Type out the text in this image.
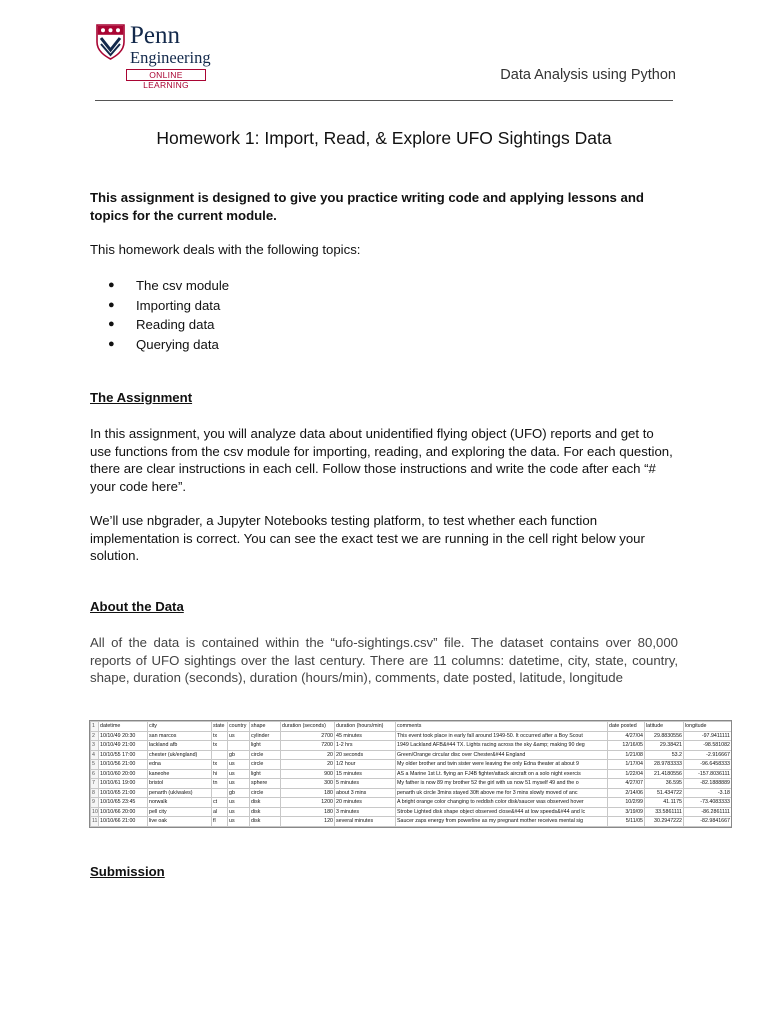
Penn
Engineering
ONLINE LEARNING
Data Analysis using Python
Homework 1: Import, Read, & Explore UFO Sightings Data
This assignment is designed to give you practice writing code and applying lessons and topics for the current module.
This homework deals with the following topics:
● The csv module
● Importing data
● Reading data
● Querying data
The Assignment
In this assignment, you will analyze data about unidentified flying object (UFO) reports and get to use functions from the csv module for importing, reading, and exploring the data. For each question, there are clear instructions in each cell. Follow those instructions and write the code after each “# your code here”.
We’ll use nbgrader, a Jupyter Notebooks testing platform, to test whether each function implementation is correct. You can see the exact test we are running in the cell right below your solution.
About the Data
All of the data is contained within the “ufo-sightings.csv” file. The dataset contains over 80,000 reports of UFO sightings over the last century. There are 11 columns: datetime, city, state, country, shape, duration (seconds), duration (hours/min), comments, date posted, latitude, longitude
1	datetime	city	state	country	shape	duration (seconds)	duration (hours/min)	comments	date posted	latitude	longitude
2	10/10/49 20:30	san marcos	tx	us	cylinder	2700	45 minutes	This event took place in early fall around 1949-50. It occurred after a Boy Scout	4/27/04	29.8830556	-97.9411111
3	10/10/49 21:00	lackland afb	tx		light	7200	1-2 hrs	1949 Lackland AFB&#44 TX. Lights racing across the sky &amp; making 90 deg	12/16/05	29.38421	-98.581082
4	10/10/55 17:00	chester (uk/england)		gb	circle	20	20 seconds	Green/Orange circular disc over Chester&#44 England	1/21/08	53.2	-2.916667
5	10/10/56 21:00	edna	tx	us	circle	20	1/2 hour	My older brother and twin sister were leaving the only Edna theater at about 9	1/17/04	28.9783333	-96.6458333
6	10/10/60 20:00	kaneohe	hi	us	light	900	15 minutes	AS a Marine 1st Lt. flying an FJ4B fighter/attack aircraft on a solo night exercis	1/22/04	21.4180556	-157.8036111
7	10/10/61 19:00	bristol	tn	us	sphere	300	5 minutes	My father is now 89 my brother 52 the girl with us now 51 myself 49 and the o	4/27/07	36.595	-82.1888889
8	10/10/65 21:00	penarth (uk/wales)		gb	circle	180	about 3 mins	penarth uk circle 3mins stayed 30ft above me for 3 mins slowly moved of anc	2/14/06	51.434722	-3.18
9	10/10/65 23:45	norwalk	ct	us	disk	1200	20 minutes	A bright orange color changing to reddish color disk/saucer was observed hover	10/2/99	41.1175	-73.4083333
10	10/10/66 20:00	pell city	al	us	disk	180	3 minutes	Strobe Lighted disk shape object observed close&#44 at low speeds&#44 and lc	3/19/09	33.5861111	-86.2861111
11	10/10/66 21:00	live oak	fl	us	disk	120	several minutes	Saucer zaps energy from powerline as my pregnant mother receives mental sig	5/11/05	30.2947222	-82.9841667
Submission
